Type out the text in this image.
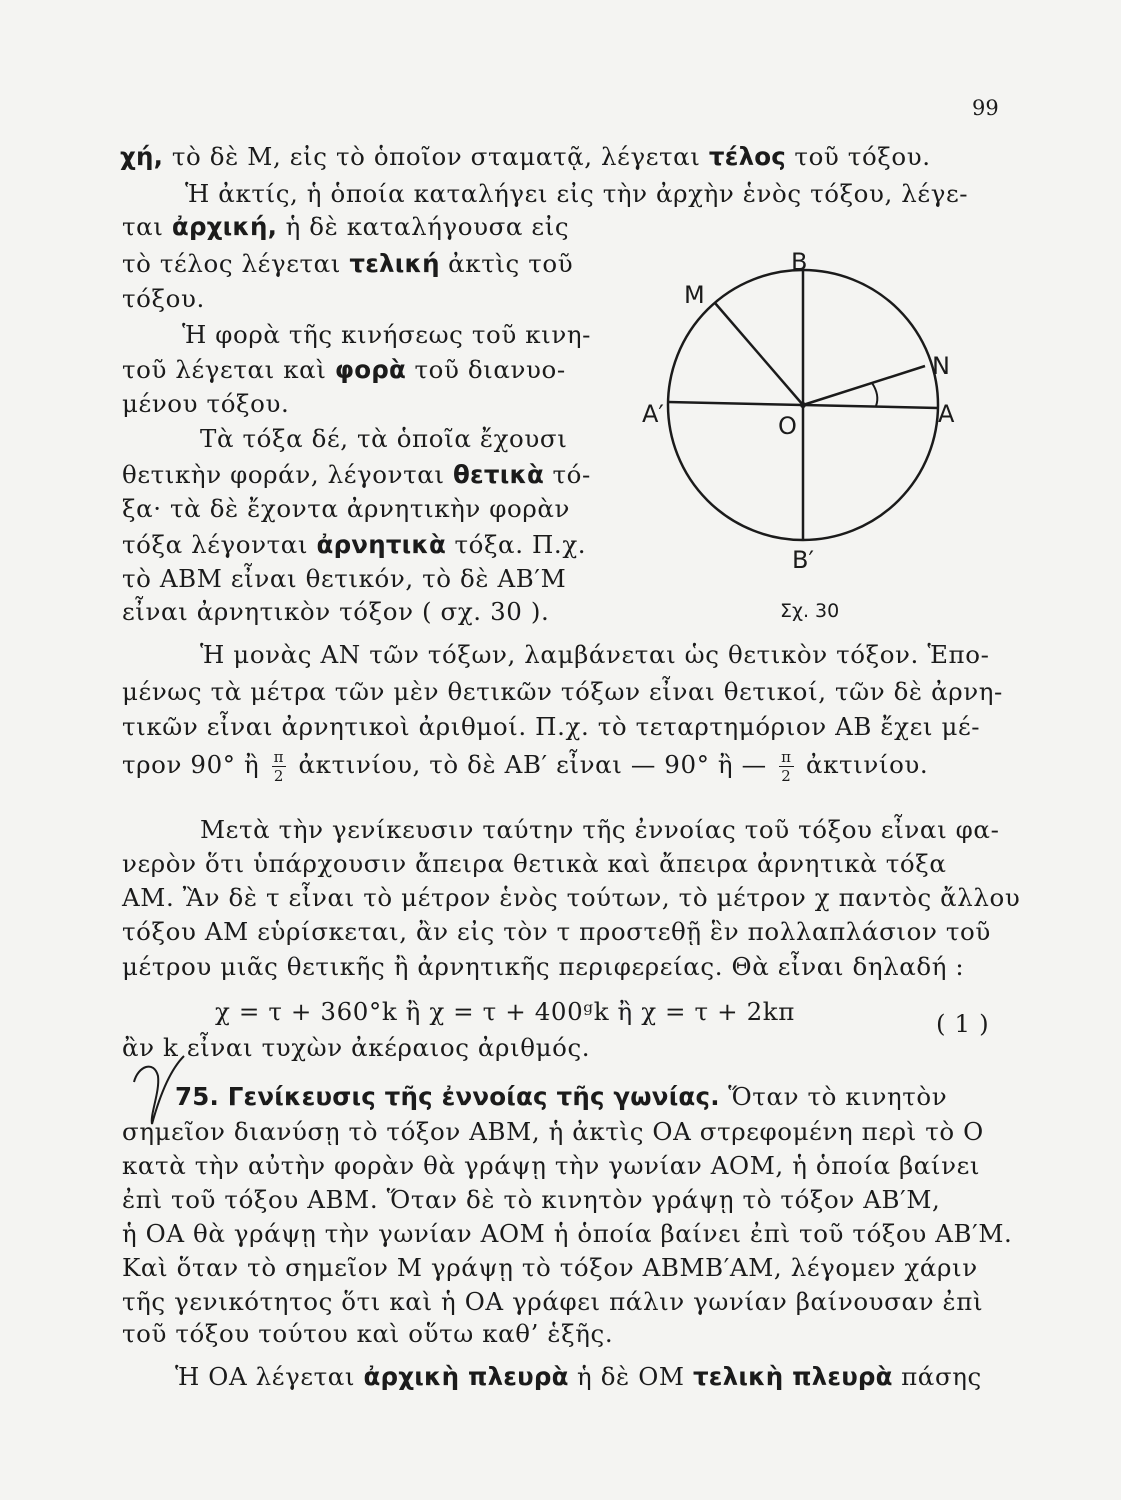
99
χή, τὸ δὲ Μ, εἰς τὸ ὁποῖον σταματᾷ, λέγεται τέλος τοῦ τόξου.
Ἡ ἀκτίς, ἡ ὁποία καταλήγει εἰς τὴν ἀρχὴν ἑνὸς τόξου, λέγε-
ται ἀρχική, ἡ δὲ καταλήγουσα εἰς
τὸ τέλος λέγεται τελική ἀκτὶς τοῦ
τόξου.
Ἡ φορὰ τῆς κινήσεως τοῦ κινη-
τοῦ λέγεται καὶ φορὰ τοῦ διανυο-
μένου τόξου.
Τὰ τόξα δέ, τὰ ὁποῖα ἔχουσι
θετικὴν φοράν, λέγονται θετικὰ τό-
ξα· τὰ δὲ ἔχοντα ἀρνητικὴν φορὰν
τόξα λέγονται ἀρνητικὰ τόξα. Π.χ.
τὸ ΑΒΜ εἶναι θετικόν, τὸ δὲ ΑΒ′Μ
εἶναι ἀρνητικὸν τόξον ( σχ. 30 ).
B
M
N
A
A′	O
B′
Σχ. 30
Ἡ μονὰς ΑΝ τῶν τόξων, λαμβάνεται ὡς θετικὸν τόξον. Ἑπο-
μένως τὰ μέτρα τῶν μὲν θετικῶν τόξων εἶναι θετικοί, τῶν δὲ ἀρνη-
τικῶν εἶναι ἀρνητικοὶ ἀριθμοί. Π.χ. τὸ τεταρτημόριον ΑΒ ἔχει μέ-
τρον 90° ἢ $\frac{\pi}{2}$ ἀκτινίου, τὸ δὲ ΑΒ′ εἶναι — 90° ἢ — $\frac{\pi}{2}$ ἀκτινίου.
Μετὰ τὴν γενίκευσιν ταύτην τῆς ἐννοίας τοῦ τόξου εἶναι φα-
νερὸν ὅτι ὑπάρχουσιν ἄπειρα θετικὰ καὶ ἄπειρα ἀρνητικὰ τόξα
ΑΜ. Ἂν δὲ τ εἶναι τὸ μέτρον ἑνὸς τούτων, τὸ μέτρον χ παντὸς ἄλλου
τόξου ΑΜ εὑρίσκεται, ἂν εἰς τὸν τ προστεθῇ ἓν πολλαπλάσιον τοῦ
μέτρου μιᾶς θετικῆς ἢ ἀρνητικῆς περιφερείας. Θὰ εἶναι δηλαδή :
χ = τ + 360°k ἢ χ = τ + 400ᵍk ἢ χ = τ + 2kπ	( 1 )
ἂν k εἶναι τυχὼν ἀκέραιος ἀριθμός.
75. Γενίκευσις τῆς ἐννοίας τῆς γωνίας. Ὅταν τὸ κινητὸν
σημεῖον διανύσῃ τὸ τόξον ΑΒΜ, ἡ ἀκτὶς ΟΑ στρεφομένη περὶ τὸ Ο
κατὰ τὴν αὐτὴν φορὰν θὰ γράψῃ τὴν γωνίαν ΑΟΜ, ἡ ὁποία βαίνει
ἐπὶ τοῦ τόξου ΑΒΜ. Ὅταν δὲ τὸ κινητὸν γράψῃ τὸ τόξον ΑΒ′Μ,
ἡ ΟΑ θὰ γράψῃ τὴν γωνίαν ΑΟΜ ἡ ὁποία βαίνει ἐπὶ τοῦ τόξου ΑΒ′Μ.
Καὶ ὅταν τὸ σημεῖον Μ γράψῃ τὸ τόξον ΑΒΜΒ′ΑΜ, λέγομεν χάριν
τῆς γενικότητος ὅτι καὶ ἡ ΟΑ γράφει πάλιν γωνίαν βαίνουσαν ἐπὶ
τοῦ τόξου τούτου καὶ οὕτω καθ’ ἑξῆς.
Ἡ ΟΑ λέγεται ἀρχικὴ πλευρὰ ἡ δὲ ΟΜ τελικὴ πλευρὰ πάσης
